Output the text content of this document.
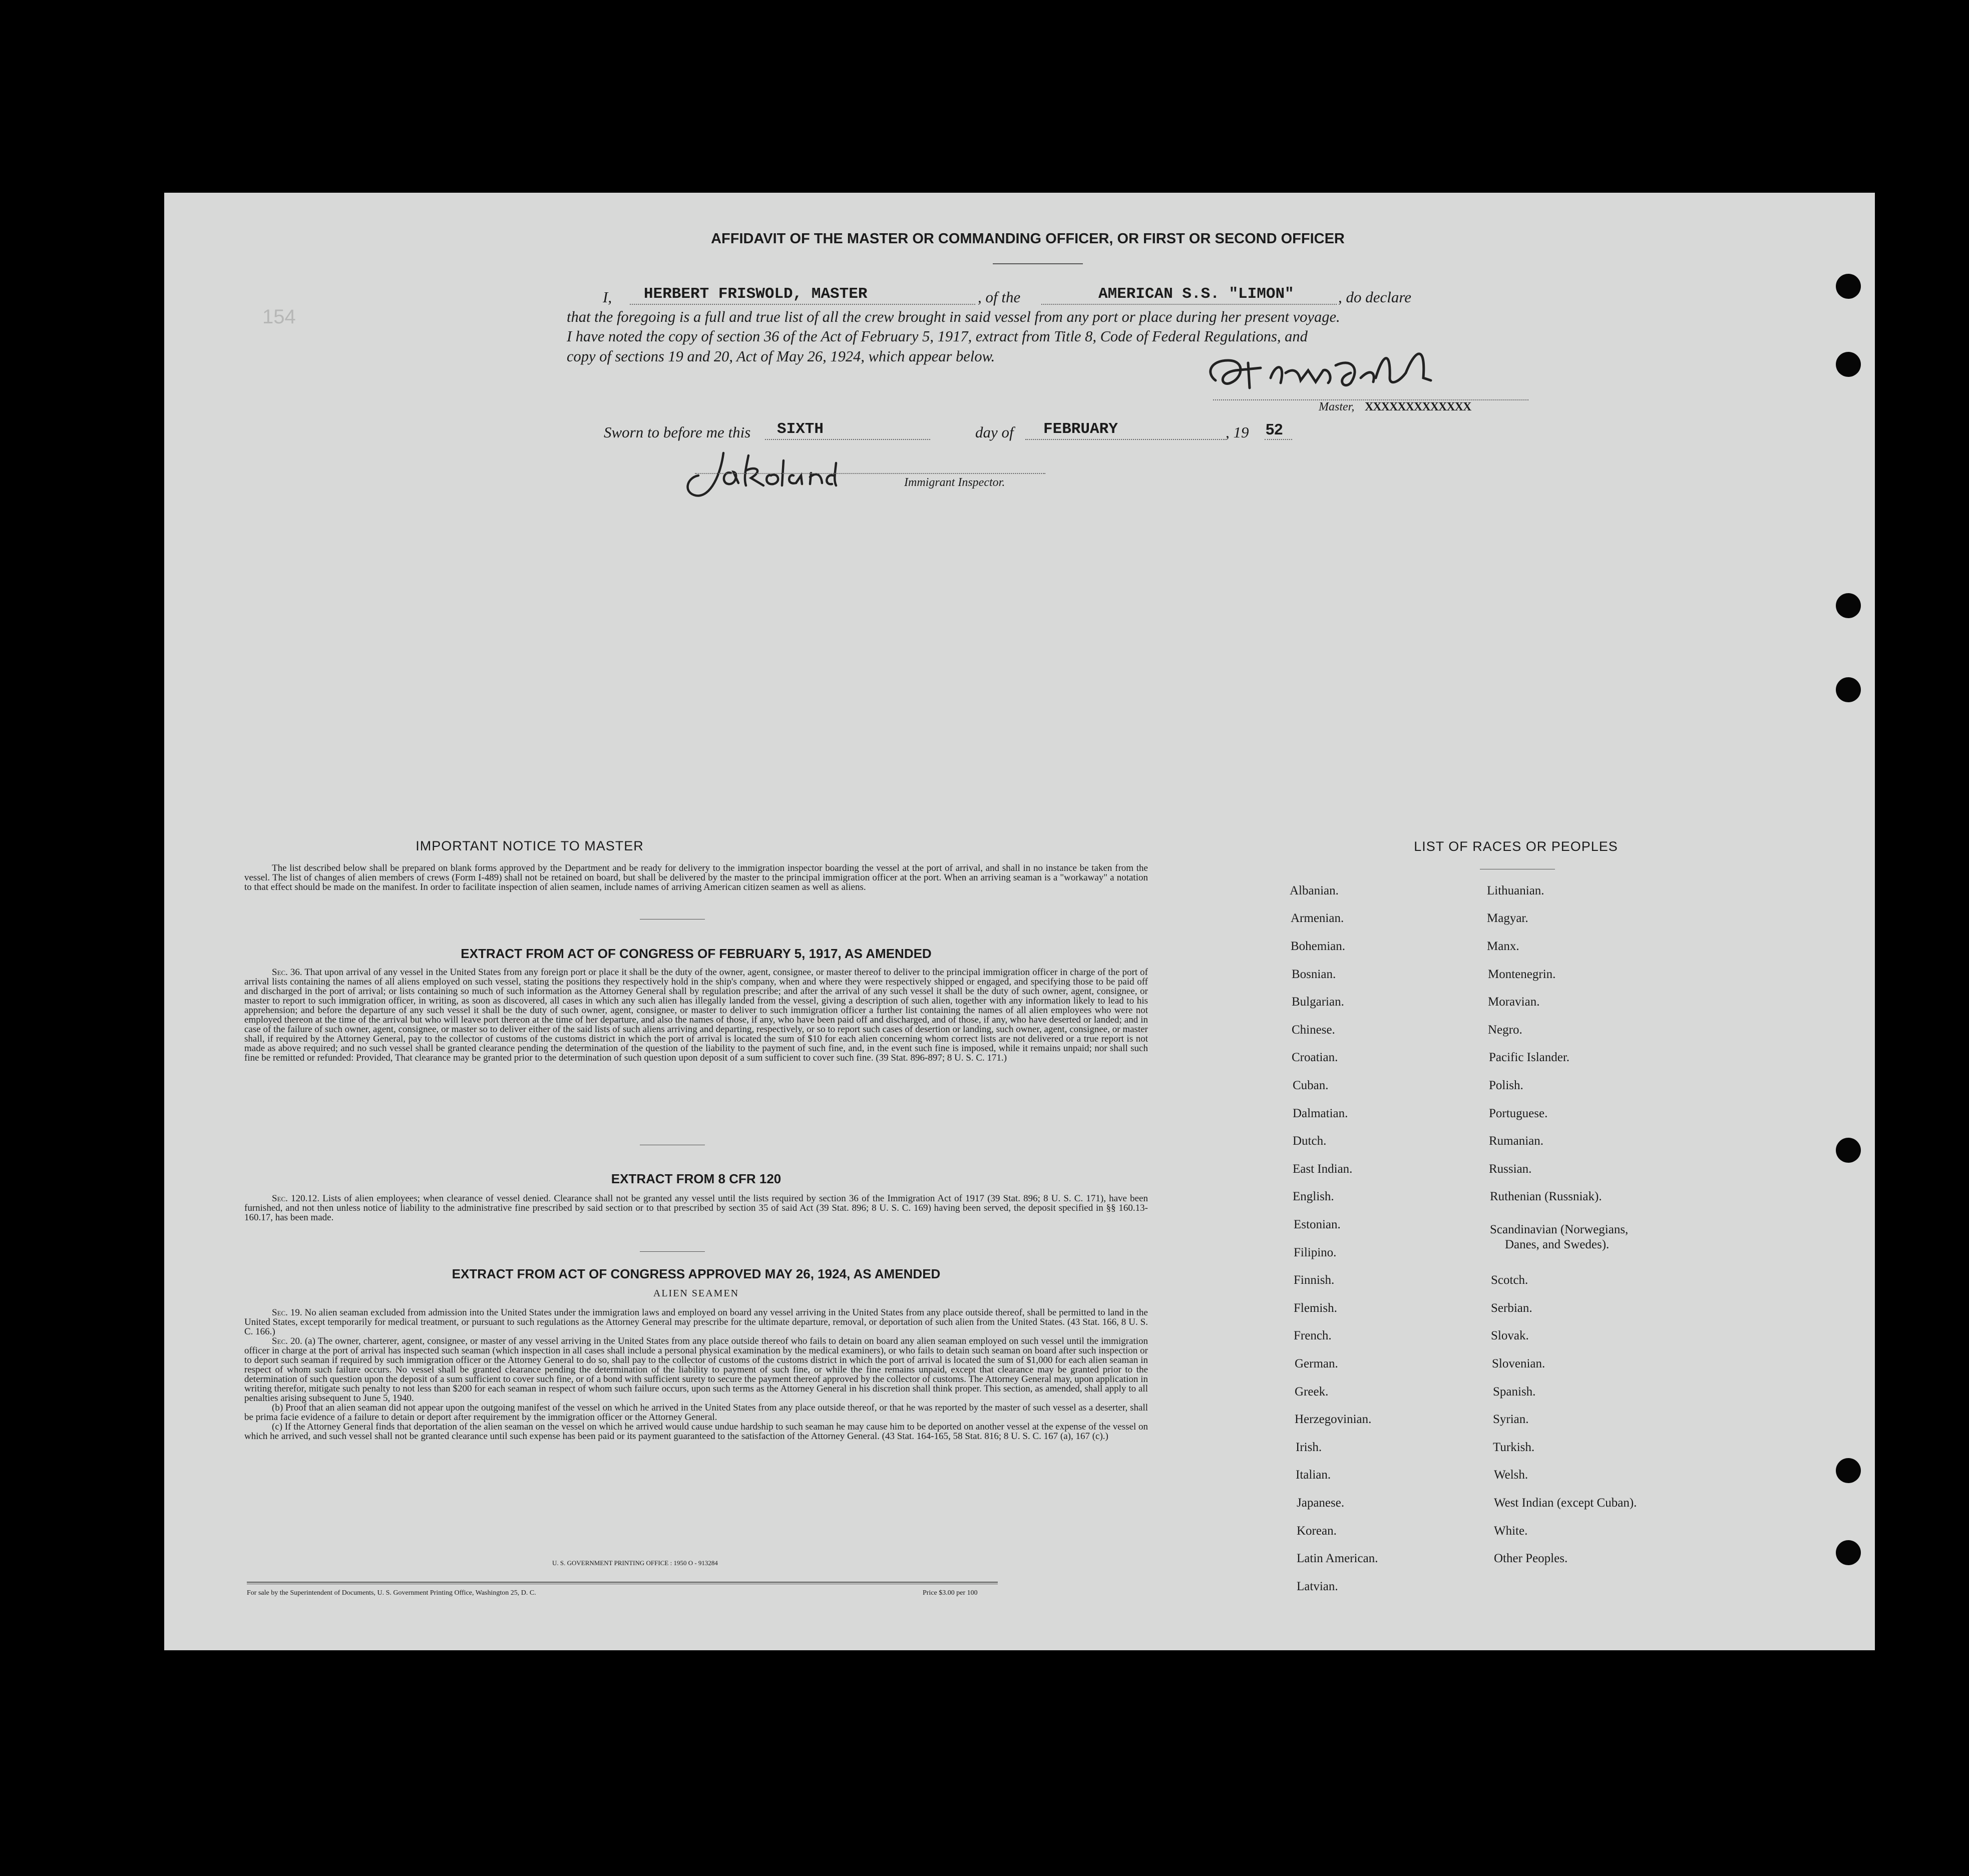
154
AFFIDAVIT OF THE MASTER OR COMMANDING OFFICER, OR FIRST OR SECOND OFFICER
I, HERBERT FRISWOLD, MASTER	, of the	AMERICAN S.S. "LIMON"	, do declare
that the foregoing is a full and true list of all the crew brought in said vessel from any port or place during her present voyage.
I have noted the copy of section 36 of the Act of February 5, 1917, extract from Title 8, Code of Federal Regulations, and
copy of sections 19 and 20, Act of May 26, 1924, which appear below.
Master, XXXXXXXXXXXXX
Sworn to before me this SIXTH	day of FEBRUARY	, 19 52
Immigrant Inspector.
IMPORTANT NOTICE TO MASTER

The list described below shall be prepared on blank forms approved by the Department and be ready for delivery to the immigration inspector boarding the vessel at the port of arrival, and shall in no instance be taken from the vessel. The list of changes of alien members of crews (Form I-489) shall not be retained on board, but shall be delivered by the master to the principal immigration officer at the port. When an arriving seaman is a "workaway" a notation to that effect should be made on the manifest. In order to facilitate inspection of alien seamen, include names of arriving American citizen seamen as well as aliens.

EXTRACT FROM ACT OF CONGRESS OF FEBRUARY 5, 1917, AS AMENDED

Sec. 36. That upon arrival of any vessel in the United States from any foreign port or place it shall be the duty of the owner, agent, consignee, or master thereof to deliver to the principal immigration officer in charge of the port of arrival lists containing the names of all aliens employed on such vessel, stating the positions they respectively hold in the ship's company, when and where they were respectively shipped or engaged, and specifying those to be paid off and discharged in the port of arrival; or lists containing so much of such information as the Attorney General shall by regulation prescribe; and after the arrival of any such vessel it shall be the duty of such owner, agent, consignee, or master to report to such immigration officer, in writing, as soon as discovered, all cases in which any such alien has illegally landed from the vessel, giving a description of such alien, together with any information likely to lead to his apprehension; and before the departure of any such vessel it shall be the duty of such owner, agent, consignee, or master to deliver to such immigration officer a further list containing the names of all alien employees who were not employed thereon at the time of the arrival but who will leave port thereon at the time of her departure, and also the names of those, if any, who have been paid off and discharged, and of those, if any, who have deserted or landed; and in case of the failure of such owner, agent, consignee, or master so to deliver either of the said lists of such aliens arriving and departing, respectively, or so to report such cases of desertion or landing, such owner, agent, consignee, or master shall, if required by the Attorney General, pay to the collector of customs of the customs district in which the port of arrival is located the sum of $10 for each alien concerning whom correct lists are not delivered or a true report is not made as above required; and no such vessel shall be granted clearance pending the determination of the question of the liability to the payment of such fine, and, in the event such fine is imposed, while it remains unpaid; nor shall such fine be remitted or refunded: Provided, That clearance may be granted prior to the determination of such question upon deposit of a sum sufficient to cover such fine. (39 Stat. 896-897; 8 U. S. C. 171.)

EXTRACT FROM 8 CFR 120

Sec. 120.12. Lists of alien employees; when clearance of vessel denied. Clearance shall not be granted any vessel until the lists required by section 36 of the Immigration Act of 1917 (39 Stat. 896; 8 U. S. C. 171), have been furnished, and not then unless notice of liability to the administrative fine prescribed by said section or to that prescribed by section 35 of said Act (39 Stat. 896; 8 U. S. C. 169) having been served, the deposit specified in §§ 160.13-160.17, has been made.

EXTRACT FROM ACT OF CONGRESS APPROVED MAY 26, 1924, AS AMENDED
ALIEN SEAMEN

Sec. 19. No alien seaman excluded from admission into the United States under the immigration laws and employed on board any vessel arriving in the United States from any place outside thereof, shall be permitted to land in the United States, except temporarily for medical treatment, or pursuant to such regulations as the Attorney General may prescribe for the ultimate departure, removal, or deportation of such alien from the United States. (43 Stat. 166, 8 U. S. C. 166.)

Sec. 20. (a) The owner, charterer, agent, consignee, or master of any vessel arriving in the United States from any place outside thereof who fails to detain on board any alien seaman employed on such vessel until the immigration officer in charge at the port of arrival has inspected such seaman (which inspection in all cases shall include a personal physical examination by the medical examiners), or who fails to detain such seaman on board after such inspection or to deport such seaman if required by such immigration officer or the Attorney General to do so, shall pay to the collector of customs of the customs district in which the port of arrival is located the sum of $1,000 for each alien seaman in respect of whom such failure occurs. No vessel shall be granted clearance pending the determination of the liability to payment of such fine, or while the fine remains unpaid, except that clearance may be granted prior to the determination of such question upon the deposit of a sum sufficient to cover such fine, or of a bond with sufficient surety to secure the payment thereof approved by the collector of customs. The Attorney General may, upon application in writing therefor, mitigate such penalty to not less than $200 for each seaman in respect of whom such failure occurs, upon such terms as the Attorney General in his discretion shall think proper. This section, as amended, shall apply to all penalties arising subsequent to June 5, 1940.

(b) Proof that an alien seaman did not appear upon the outgoing manifest of the vessel on which he arrived in the United States from any place outside thereof, or that he was reported by the master of such vessel as a deserter, shall be prima facie evidence of a failure to detain or deport after requirement by the immigration officer or the Attorney General.

(c) If the Attorney General finds that deportation of the alien seaman on the vessel on which he arrived would cause undue hardship to such seaman he may cause him to be deported on another vessel at the expense of the vessel on which he arrived, and such vessel shall not be granted clearance until such expense has been paid or its payment guaranteed to the satisfaction of the Attorney General. (43 Stat. 164-165, 58 Stat. 816; 8 U. S. C. 167 (a), 167 (c).)

U. S. GOVERNMENT PRINTING OFFICE : 1950 O - 913284
For sale by the Superintendent of Documents, U. S. Government Printing Office, Washington 25, D. C.	Price $3.00 per 100
LIST OF RACES OR PEOPLES
Albanian.
Armenian.
Bohemian.
Bosnian.
Bulgarian.
Chinese.
Croatian.
Cuban.
Dalmatian.
Dutch.
East Indian.
English.
Estonian.
Filipino.
Finnish.
Flemish.
French.
German.
Greek.
Herzegovinian.
Irish.
Italian.
Japanese.
Korean.
Latin American.
Latvian.
Lithuanian.
Magyar.
Manx.
Montenegrin.
Moravian.
Negro.
Pacific Islander.
Polish.
Portuguese.
Rumanian.
Russian.
Ruthenian (Russniak).
Scandinavian (Norwegians,
Danes, and Swedes).
Scotch.
Serbian.
Slovak.
Slovenian.
Spanish.
Syrian.
Turkish.
Welsh.
West Indian (except Cuban).
White.
Other Peoples.
